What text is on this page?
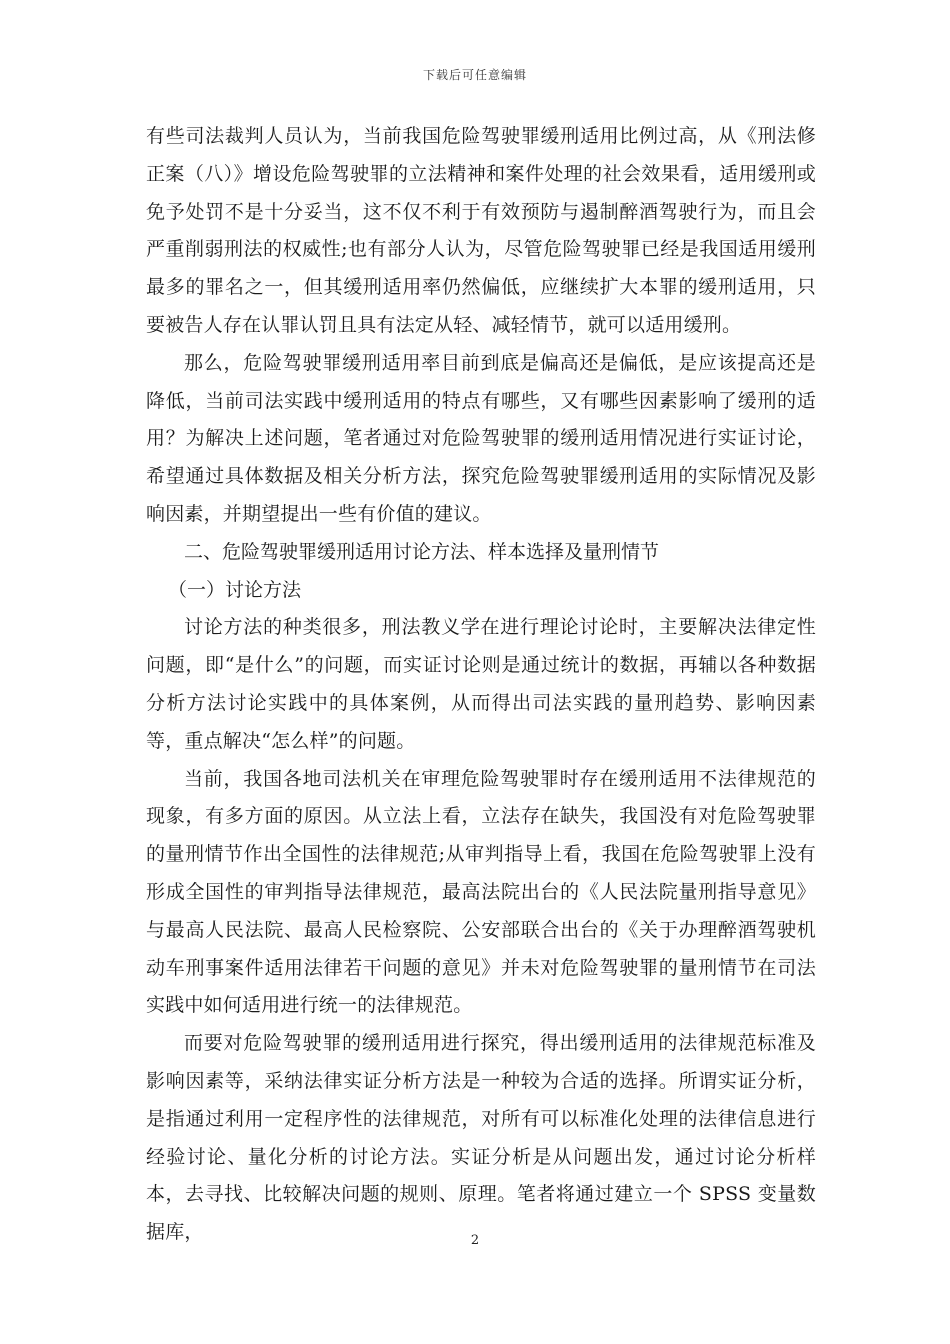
下载后可任意编辑

有些司法裁判人员认为，当前我国危险驾驶罪缓刑适用比例过高，从《刑法修正案（八）》增设危险驾驶罪的立法精神和案件处理的社会效果看，适用缓刑或免予处罚不是十分妥当，这不仅不利于有效预防与遏制醉酒驾驶行为，而且会严重削弱刑法的权威性;也有部分人认为，尽管危险驾驶罪已经是我国适用缓刑最多的罪名之一，但其缓刑适用率仍然偏低，应继续扩大本罪的缓刑适用，只要被告人存在认罪认罚且具有法定从轻、减轻情节，就可以适用缓刑。

那么，危险驾驶罪缓刑适用率目前到底是偏高还是偏低，是应该提高还是降低，当前司法实践中缓刑适用的特点有哪些，又有哪些因素影响了缓刑的适用？为解决上述问题，笔者通过对危险驾驶罪的缓刑适用情况进行实证讨论，希望通过具体数据及相关分析方法，探究危险驾驶罪缓刑适用的实际情况及影响因素，并期望提出一些有价值的建议。

二、危险驾驶罪缓刑适用讨论方法、样本选择及量刑情节

（一）讨论方法

讨论方法的种类很多，刑法教义学在进行理论讨论时，主要解决法律定性问题，即“是什么”的问题，而实证讨论则是通过统计的数据，再辅以各种数据分析方法讨论实践中的具体案例，从而得出司法实践的量刑趋势、影响因素等，重点解决“怎么样”的问题。

当前，我国各地司法机关在审理危险驾驶罪时存在缓刑适用不法律规范的现象，有多方面的原因。从立法上看，立法存在缺失，我国没有对危险驾驶罪的量刑情节作出全国性的法律规范;从审判指导上看，我国在危险驾驶罪上没有形成全国性的审判指导法律规范，最高法院出台的《人民法院量刑指导意见》与最高人民法院、最高人民检察院、公安部联合出台的《关于办理醉酒驾驶机动车刑事案件适用法律若干问题的意见》并未对危险驾驶罪的量刑情节在司法实践中如何适用进行统一的法律规范。

而要对危险驾驶罪的缓刑适用进行探究，得出缓刑适用的法律规范标准及影响因素等，采纳法律实证分析方法是一种较为合适的选择。所谓实证分析，是指通过利用一定程序性的法律规范，对所有可以标准化处理的法律信息进行经验讨论、量化分析的讨论方法。实证分析是从问题出发，通过讨论分析样本，去寻找、比较解决问题的规则、原理。笔者将通过建立一个 SPSS 变量数据库，	2
